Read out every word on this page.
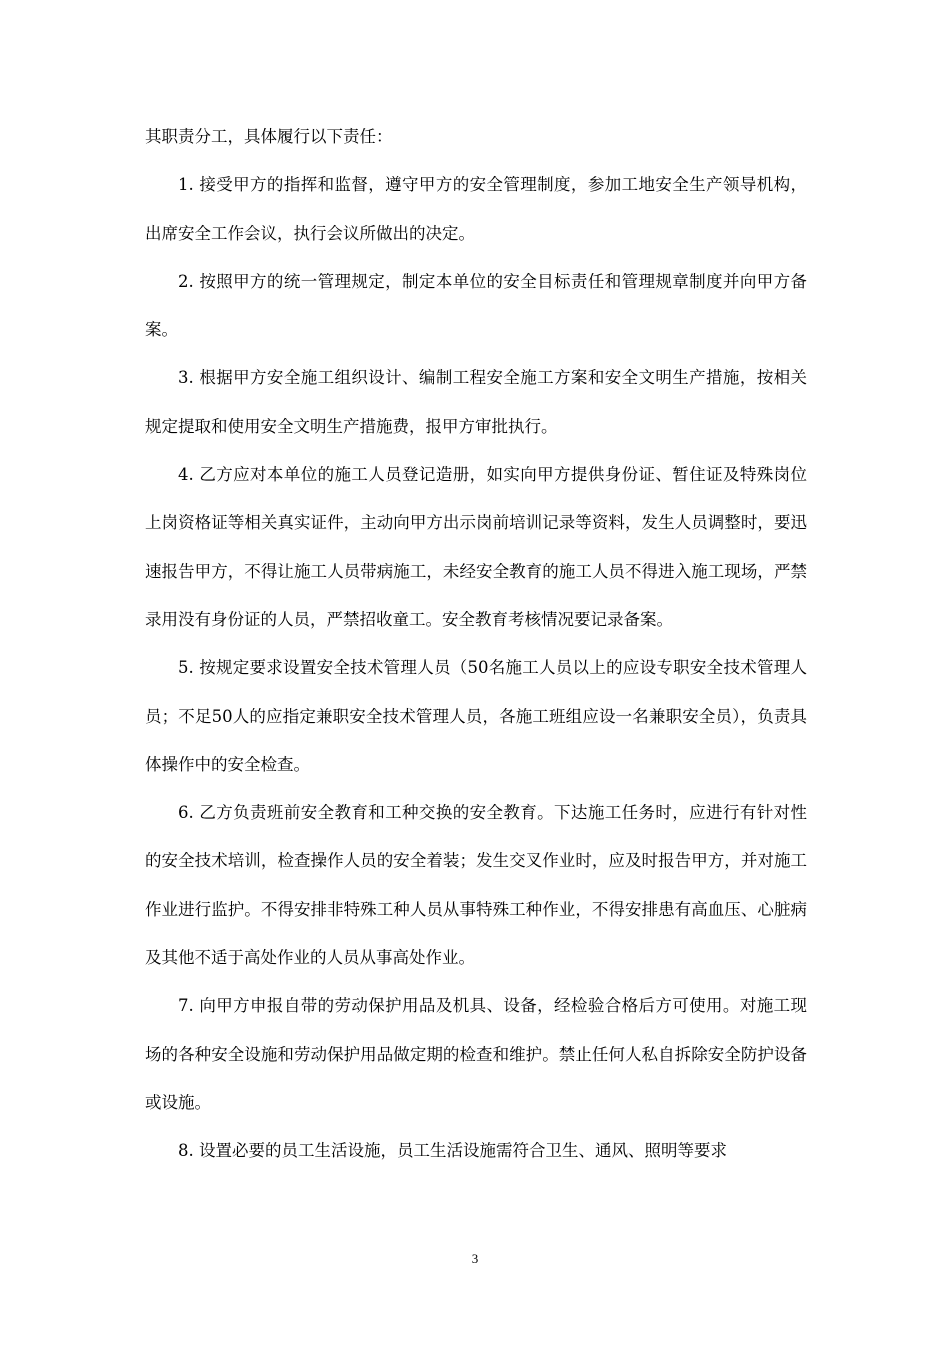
其职责分工，具体履行以下责任：

1. 接受甲方的指挥和监督，遵守甲方的安全管理制度，参加工地安全生产领导机构，出席安全工作会议，执行会议所做出的决定。

2. 按照甲方的统一管理规定，制定本单位的安全目标责任和管理规章制度并向甲方备案。

3. 根据甲方安全施工组织设计、编制工程安全施工方案和安全文明生产措施，按相关规定提取和使用安全文明生产措施费，报甲方审批执行。

4. 乙方应对本单位的施工人员登记造册，如实向甲方提供身份证、暂住证及特殊岗位上岗资格证等相关真实证件，主动向甲方出示岗前培训记录等资料，发生人员调整时，要迅速报告甲方，不得让施工人员带病施工，未经安全教育的施工人员不得进入施工现场，严禁录用没有身份证的人员，严禁招收童工。安全教育考核情况要记录备案。

5. 按规定要求设置安全技术管理人员（50名施工人员以上的应设专职安全技术管理人员；不足50人的应指定兼职安全技术管理人员，各施工班组应设一名兼职安全员），负责具体操作中的安全检查。

6. 乙方负责班前安全教育和工种交换的安全教育。下达施工任务时，应进行有针对性的安全技术培训，检查操作人员的安全着装；发生交叉作业时，应及时报告甲方，并对施工作业进行监护。不得安排非特殊工种人员从事特殊工种作业，不得安排患有高血压、心脏病及其他不适于高处作业的人员从事高处作业。

7. 向甲方申报自带的劳动保护用品及机具、设备，经检验合格后方可使用。对施工现场的各种安全设施和劳动保护用品做定期的检查和维护。禁止任何人私自拆除安全防护设备或设施。

8. 设置必要的员工生活设施，员工生活设施需符合卫生、通风、照明等要求

3
